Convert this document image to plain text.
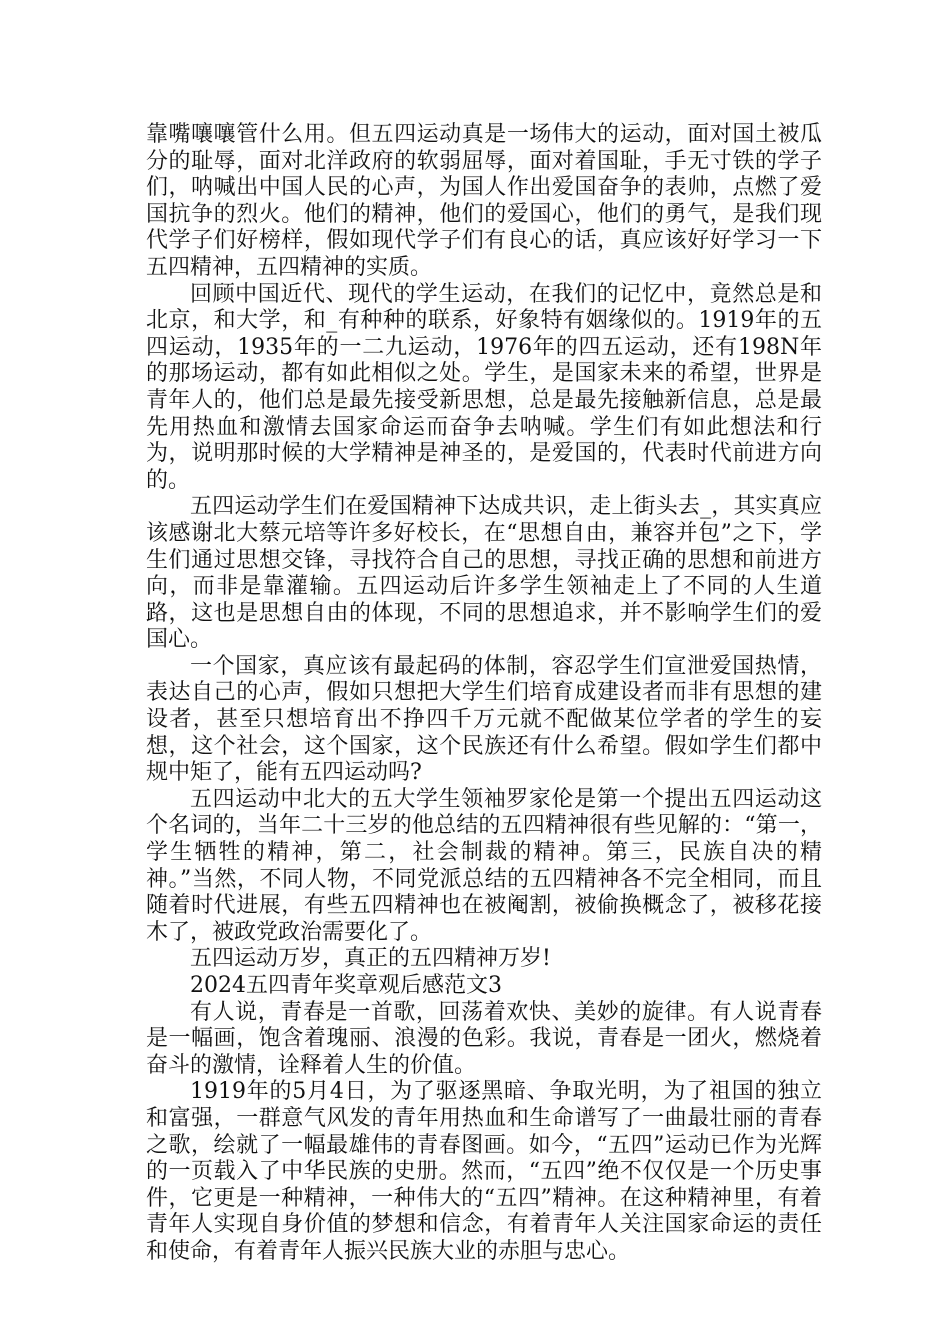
靠嘴嚷嚷管什么用。但五四运动真是一场伟大的运动，面对国土被瓜分的耻辱，面对北洋政府的软弱屈辱，面对着国耻，手无寸铁的学子们，呐喊出中国人民的心声，为国人作出爱国奋争的表帅，点燃了爱国抗争的烈火。他们的精神，他们的爱国心，他们的勇气，是我们现代学子们好榜样，假如现代学子们有良心的话，真应该好好学习一下五四精神，五四精神的实质。

回顾中国近代、现代的学生运动，在我们的记忆中，竟然总是和北京，和大学，和_有种种的联系，好象特有姻缘似的。1919年的五四运动，1935年的一二九运动，1976年的四五运动，还有198N年的那场运动，都有如此相似之处。学生，是国家未来的希望，世界是青年人的，他们总是最先接受新思想，总是最先接触新信息，总是最先用热血和激情去国家命运而奋争去呐喊。学生们有如此想法和行为，说明那时候的大学精神是神圣的，是爱国的，代表时代前进方向的。

五四运动学生们在爱国精神下达成共识，走上街头去_，其实真应该感谢北大蔡元培等许多好校长，在“思想自由，兼容并包”之下，学生们通过思想交锋，寻找符合自己的思想，寻找正确的思想和前进方向，而非是靠灌输。五四运动后许多学生领袖走上了不同的人生道路，这也是思想自由的体现，不同的思想追求，并不影响学生们的爱国心。

一个国家，真应该有最起码的体制，容忍学生们宣泄爱国热情，表达自己的心声，假如只想把大学生们培育成建设者而非有思想的建设者，甚至只想培育出不挣四千万元就不配做某位学者的学生的妄想，这个社会，这个国家，这个民族还有什么希望。假如学生们都中规中矩了，能有五四运动吗?

五四运动中北大的五大学生领袖罗家伦是第一个提出五四运动这个名词的，当年二十三岁的他总结的五四精神很有些见解的：“第一，学生牺牲的精神，第二，社会制裁的精神。第三，民族自决的精神。”当然，不同人物，不同党派总结的五四精神各不完全相同，而且随着时代进展，有些五四精神也在被阉割，被偷换概念了，被移花接木了，被政党政治需要化了。

五四运动万岁，真正的五四精神万岁!

2024五四青年奖章观后感范文3

有人说，青春是一首歌，回荡着欢快、美妙的旋律。有人说青春是一幅画，饱含着瑰丽、浪漫的色彩。我说，青春是一团火，燃烧着奋斗的激情，诠释着人生的价值。

1919年的5月4日，为了驱逐黑暗、争取光明，为了祖国的独立和富强，一群意气风发的青年用热血和生命谱写了一曲最壮丽的青春之歌，绘就了一幅最雄伟的青春图画。如今，“五四”运动已作为光辉的一页载入了中华民族的史册。然而，“五四”绝不仅仅是一个历史事件，它更是一种精神，一种伟大的“五四”精神。在这种精神里，有着青年人实现自身价值的梦想和信念，有着青年人关注国家命运的责任和使命，有着青年人振兴民族大业的赤胆与忠心。
